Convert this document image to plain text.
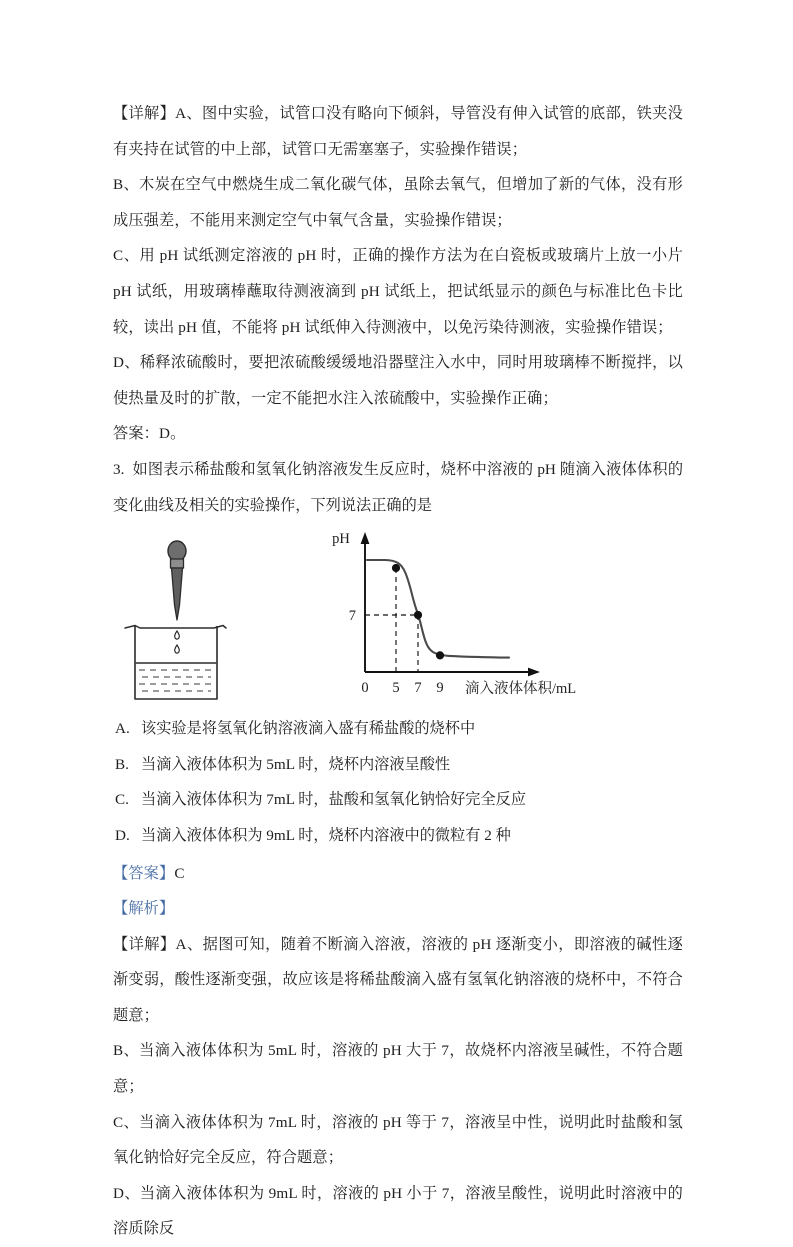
【详解】A、图中实验，试管口没有略向下倾斜，导管没有伸入试管的底部，铁夹没有夹持在试管的中上部，试管口无需塞塞子，实验操作错误；

B、木炭在空气中燃烧生成二氧化碳气体，虽除去氧气，但增加了新的气体，没有形成压强差，不能用来测定空气中氧气含量，实验操作错误；

C、用 pH 试纸测定溶液的 pH 时，正确的操作方法为在白瓷板或玻璃片上放一小片 pH 试纸，用玻璃棒蘸取待测液滴到 pH 试纸上，把试纸显示的颜色与标准比色卡比较，读出 pH 值，不能将 pH 试纸伸入待测液中，以免污染待测液，实验操作错误；

D、稀释浓硫酸时，要把浓硫酸缓缓地沿器壁注入水中，同时用玻璃棒不断搅拌，以使热量及时的扩散，一定不能把水注入浓硫酸中，实验操作正确；

答案：D。

3. 如图表示稀盐酸和氢氧化钠溶液发生反应时，烧杯中溶液的 pH 随滴入液体体积的变化曲线及相关的实验操作，下列说法正确的是

pH
7
0 5 7 9 滴入液体体积/mL

A. 该实验是将氢氧化钠溶液滴入盛有稀盐酸的烧杯中

B. 当滴入液体体积为 5mL 时，烧杯内溶液呈酸性

C. 当滴入液体体积为 7mL 时，盐酸和氢氧化钠恰好完全反应

D. 当滴入液体体积为 9mL 时，烧杯内溶液中的微粒有 2 种

【答案】C

【解析】

【详解】A、据图可知，随着不断滴入溶液，溶液的 pH 逐渐变小，即溶液的碱性逐渐变弱，酸性逐渐变强，故应该是将稀盐酸滴入盛有氢氧化钠溶液的烧杯中，不符合题意；

B、当滴入液体体积为 5mL 时，溶液的 pH 大于 7，故烧杯内溶液呈碱性，不符合题意；

C、当滴入液体体积为 7mL 时，溶液的 pH 等于 7，溶液呈中性，说明此时盐酸和氢氧化钠恰好完全反应，符合题意；

D、当滴入液体体积为 9mL 时，溶液的 pH 小于 7，溶液呈酸性，说明此时溶液中的溶质除反
